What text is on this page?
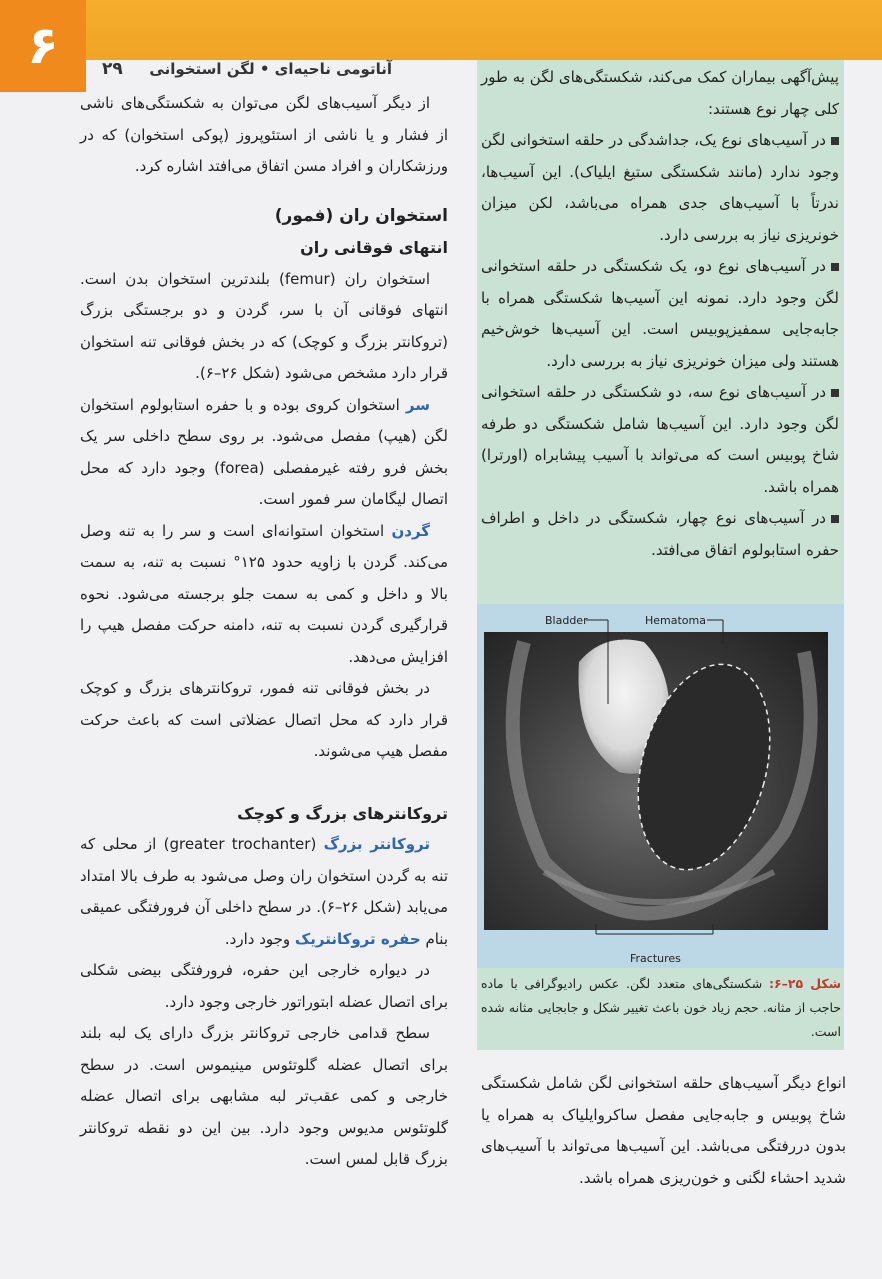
۶	آناتومی ناحیه‌ای • لگن استخوانی
۲۹

از دیگر آسیب‌های لگن می‌توان به شکستگی‌های ناشی از فشار و یا ناشی از استئوپروز (پوکی استخوان) که در ورزشکاران و افراد مسن اتفاق می‌افتد اشاره کرد.

استخوان ران (فمور)

انتهای فوقانی ران

استخوان ران (femur) بلندترین استخوان بدن است. انتهای فوقانی آن با سر، گردن و دو برجستگی بزرگ (تروکانتر بزرگ و کوچک) که در بخش فوقانی تنه استخوان قرار دارد مشخص می‌شود (شکل ۲۶–۶).

سر استخوان کروی بوده و با حفره استابولوم استخوان لگن (هیپ) مفصل می‌شود. بر روی سطح داخلی سر یک بخش فرو رفته غیرمفصلی (forea) وجود دارد که محل اتصال لیگامان سر فمور است.

گردن استخوان استوانه‌ای است و سر را به تنه وصل می‌کند. گردن با زاویه حدود ۱۲۵° نسبت به تنه، به سمت بالا و داخل و کمی به سمت جلو برجسته می‌شود. نحوه قرارگیری گردن نسبت به تنه، دامنه حرکت مفصل هیپ را افزایش می‌دهد.

در بخش فوقانی تنه فمور، تروکانترهای بزرگ و کوچک قرار دارد که محل اتصال عضلاتی است که باعث حرکت مفصل هیپ می‌شوند.

تروکانترهای بزرگ و کوچک

تروکانتر بزرگ (greater trochanter) از محلی که تنه به گردن استخوان ران وصل می‌شود به طرف بالا امتداد می‌یابد (شکل ۲۶–۶). در سطح داخلی آن فرورفتگی عمیقی بنام حفره تروکانتریک وجود دارد.

در دیواره خارجی این حفره، فرورفتگی بیضی شکلی برای اتصال عضله ابتوراتور خارجی وجود دارد.

سطح قدامی خارجی تروکانتر بزرگ دارای یک لبه بلند برای اتصال عضله گلوتئوس مینیموس است. در سطح خارجی و کمی عقب‌تر لبه مشابهی برای اتصال عضله گلوتئوس مدیوس وجود دارد. بین این دو نقطه تروکانتر بزرگ قابل لمس است.

پیش‌آگهی بیماران کمک می‌کند، شکستگی‌های لگن به طور کلی چهار نوع هستند:

در آسیب‌های نوع یک، جداشدگی در حلقه استخوانی لگن وجود ندارد (مانند شکستگی ستیغ ایلیاک). این آسیب‌ها، ندرتاً با آسیب‌های جدی همراه می‌باشد، لکن میزان خونریزی نیاز به بررسی دارد.

در آسیب‌های نوع دو، یک شکستگی در حلقه استخوانی لگن وجود دارد. نمونه این آسیب‌ها شکستگی همراه با جابه‌جایی سمفیزپوبیس است. این آسیب‌ها خوش‌خیم هستند ولی میزان خونریزی نیاز به بررسی دارد.

در آسیب‌های نوع سه، دو شکستگی در حلقه استخوانی لگن وجود دارد. این آسیب‌ها شامل شکستگی دو طرفه شاخ پوبیس است که می‌تواند با آسیب پیشابراه (اورترا) همراه باشد.

در آسیب‌های نوع چهار، شکستگی در داخل و اطراف حفره استابولوم اتفاق می‌افتد.

Bladder	Hematoma
Fractures
شکل ۲۵–۶: شکستگی‌های متعدد لگن. عکس رادیوگرافی با ماده حاجب از مثانه. حجم زیاد خون باعث تغییر شکل و جابجایی مثانه شده است.
انواع دیگر آسیب‌های حلقه استخوانی لگن شامل شکستگی شاخ پوبیس و جابه‌جایی مفصل ساکروایلیاک به همراه یا بدون دررفتگی می‌باشد. این آسیب‌ها می‌تواند با آسیب‌های شدید احشاء لگنی و خون‌ریزی همراه باشد.
